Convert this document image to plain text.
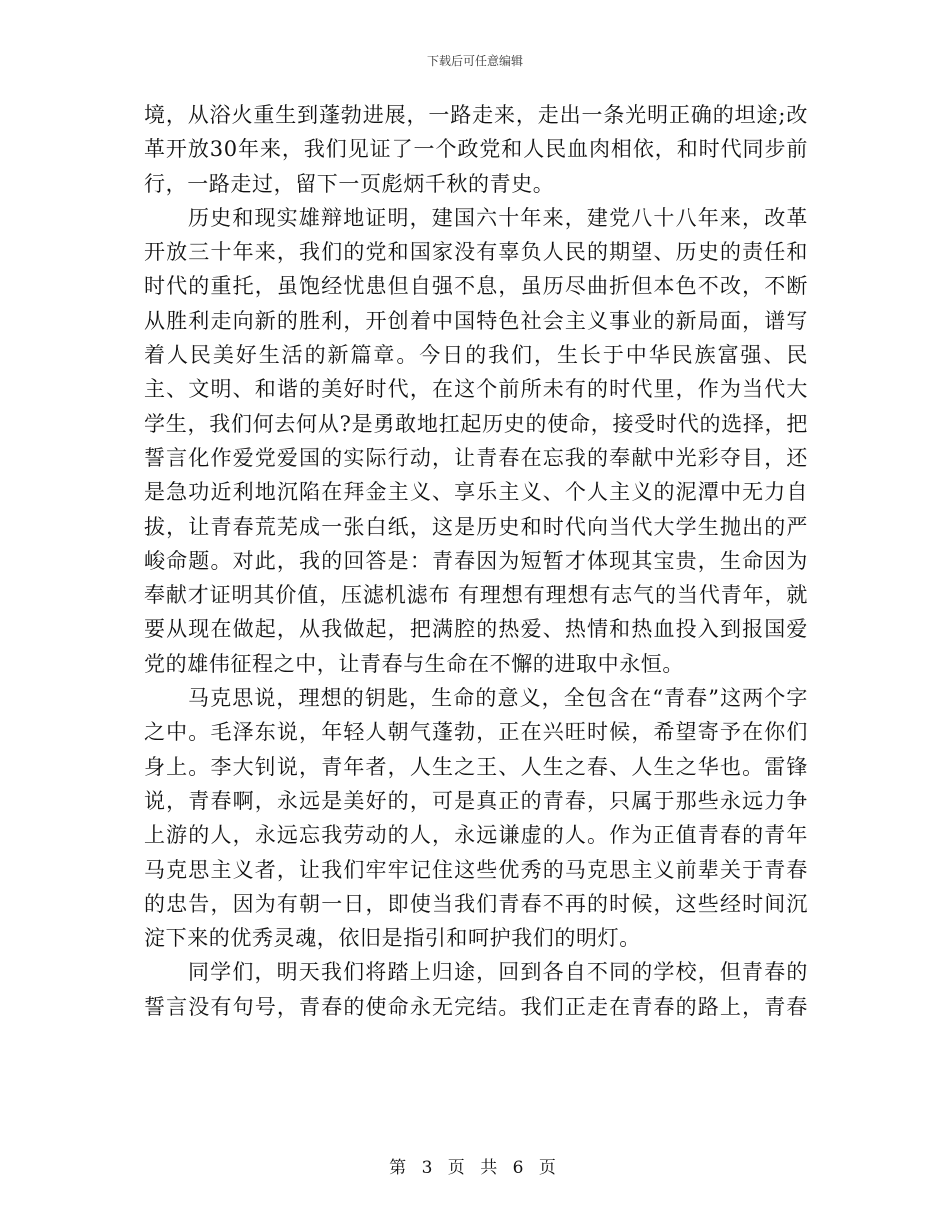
下载后可任意编辑

境，从浴火重生到蓬勃进展，一路走来，走出一条光明正确的坦途;改革开放30年来，我们见证了一个政党和人民血肉相依，和时代同步前行，一路走过，留下一页彪炳千秋的青史。

历史和现实雄辩地证明，建国六十年来，建党八十八年来，改革开放三十年来，我们的党和国家没有辜负人民的期望、历史的责任和时代的重托，虽饱经忧患但自强不息，虽历尽曲折但本色不改，不断从胜利走向新的胜利，开创着中国特色社会主义事业的新局面，谱写着人民美好生活的新篇章。今日的我们，生长于中华民族富强、民主、文明、和谐的美好时代，在这个前所未有的时代里，作为当代大学生，我们何去何从?是勇敢地扛起历史的使命，接受时代的选择，把誓言化作爱党爱国的实际行动，让青春在忘我的奉献中光彩夺目，还是急功近利地沉陷在拜金主义、享乐主义、个人主义的泥潭中无力自拔，让青春荒芜成一张白纸，这是历史和时代向当代大学生抛出的严峻命题。对此，我的回答是：青春因为短暂才体现其宝贵，生命因为奉献才证明其价值，压滤机滤布 有理想有理想有志气的当代青年，就要从现在做起，从我做起，把满腔的热爱、热情和热血投入到报国爱党的雄伟征程之中，让青春与生命在不懈的进取中永恒。

马克思说，理想的钥匙，生命的意义，全包含在“青春”这两个字之中。毛泽东说，年轻人朝气蓬勃，正在兴旺时候，希望寄予在你们身上。李大钊说，青年者，人生之王、人生之春、人生之华也。雷锋说，青春啊，永远是美好的，可是真正的青春，只属于那些永远力争上游的人，永远忘我劳动的人，永远谦虚的人。作为正值青春的青年马克思主义者，让我们牢牢记住这些优秀的马克思主义前辈关于青春的忠告，因为有朝一日，即使当我们青春不再的时候，这些经时间沉淀下来的优秀灵魂，依旧是指引和呵护我们的明灯。

同学们，明天我们将踏上归途，回到各自不同的学校，但青春的誓言没有句号，青春的使命永无完结。我们正走在青春的路上，青春

第 3 页 共 6 页
